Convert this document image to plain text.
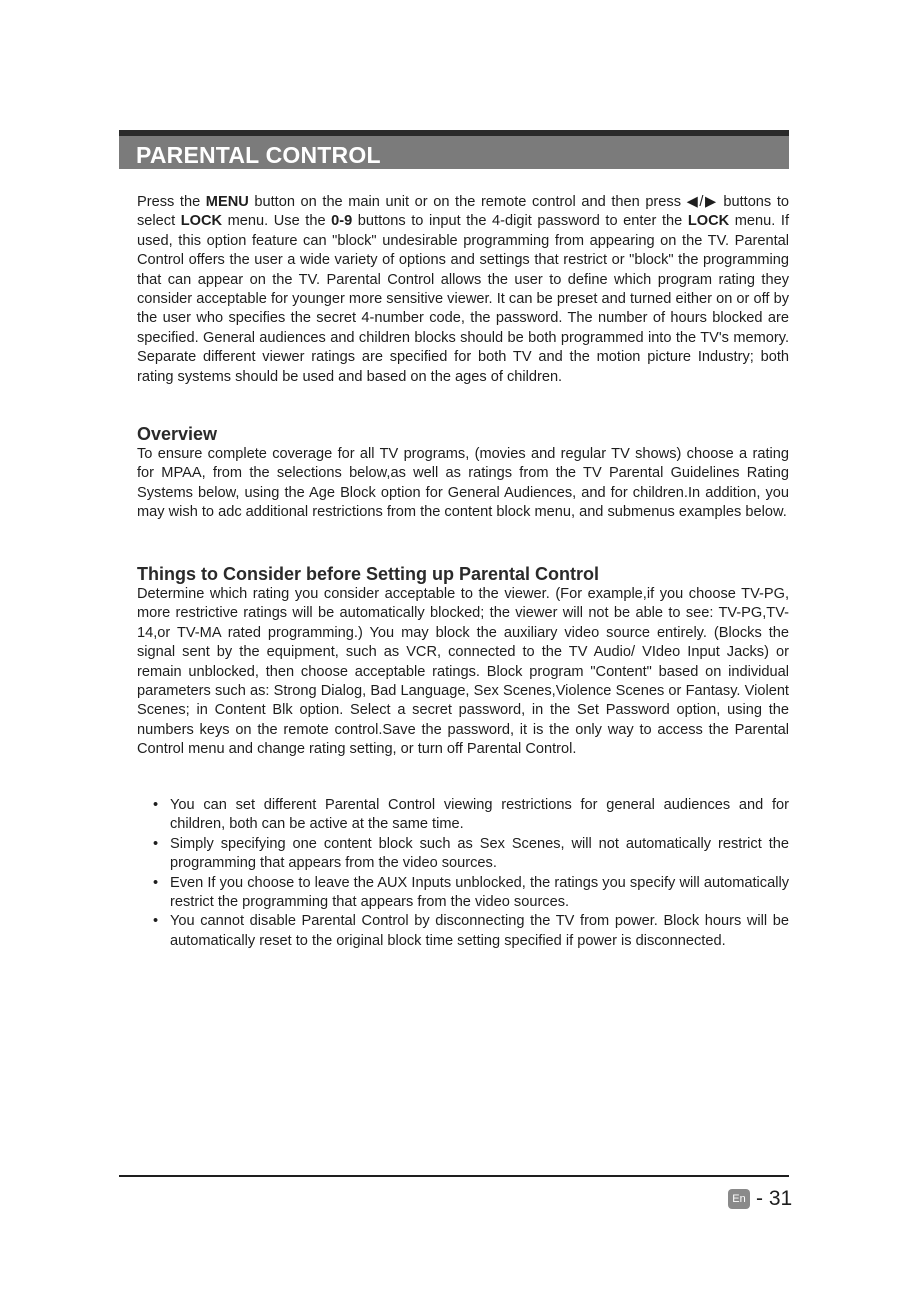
PARENTAL CONTROL

Press the MENU button on the main unit or on the remote control and then press ◀/▶ buttons to select LOCK menu. Use the 0-9 buttons to input the 4-digit password to enter the LOCK menu. If used, this option feature can "block" undesirable programming from appearing on the TV. Parental Control offers the user a wide variety of options and settings that restrict or "block" the programming that can appear on the TV. Parental Control allows the user to define which program rating they consider acceptable for younger more sensitive viewer. It can be preset and turned either on or off by the user who specifies the secret 4-number code, the password. The number of hours blocked are specified. General audiences and children blocks should be both programmed into the TV's memory. Separate different viewer ratings are specified for both TV and the motion picture Industry; both rating systems should be used and based on the ages of children.

Overview

To ensure complete coverage for all TV programs, (movies and regular TV shows) choose a rating for MPAA, from the selections below,as well as ratings from the TV Parental Guidelines Rating Systems below, using the Age Block option for General Audiences, and for children.In addition, you may wish to adc additional restrictions from the content block menu, and submenus examples below.

Things to Consider before Setting up Parental Control

Determine which rating you consider acceptable to the viewer. (For example,if you choose TV-PG, more restrictive ratings will be automatically blocked; the viewer will not be able to see: TV-PG,TV-14,or TV-MA rated programming.) You may block the auxiliary video source entirely. (Blocks the signal sent by the equipment, such as VCR, connected to the TV Audio/ VIdeo Input Jacks) or remain unblocked, then choose acceptable ratings. Block program "Content" based on individual parameters such as: Strong Dialog, Bad Language, Sex Scenes,Violence Scenes or Fantasy. Violent Scenes; in Content Blk option. Select a secret password, in the Set Password option, using the numbers keys on the remote control.Save the password, it is the only way to access the Parental Control menu and change rating setting, or turn off Parental Control.

• You can set different Parental Control viewing restrictions for general audiences and for children, both can be active at the same time.
• Simply specifying one content block such as Sex Scenes, will not automatically restrict the programming that appears from the video sources.
• Even If you choose to leave the AUX Inputs unblocked, the ratings you specify will automatically restrict the programming that appears from the video sources.
• You cannot disable Parental Control by disconnecting the TV from power. Block hours will be automatically reset to the original block time setting specified if power is disconnected.
En - 31
